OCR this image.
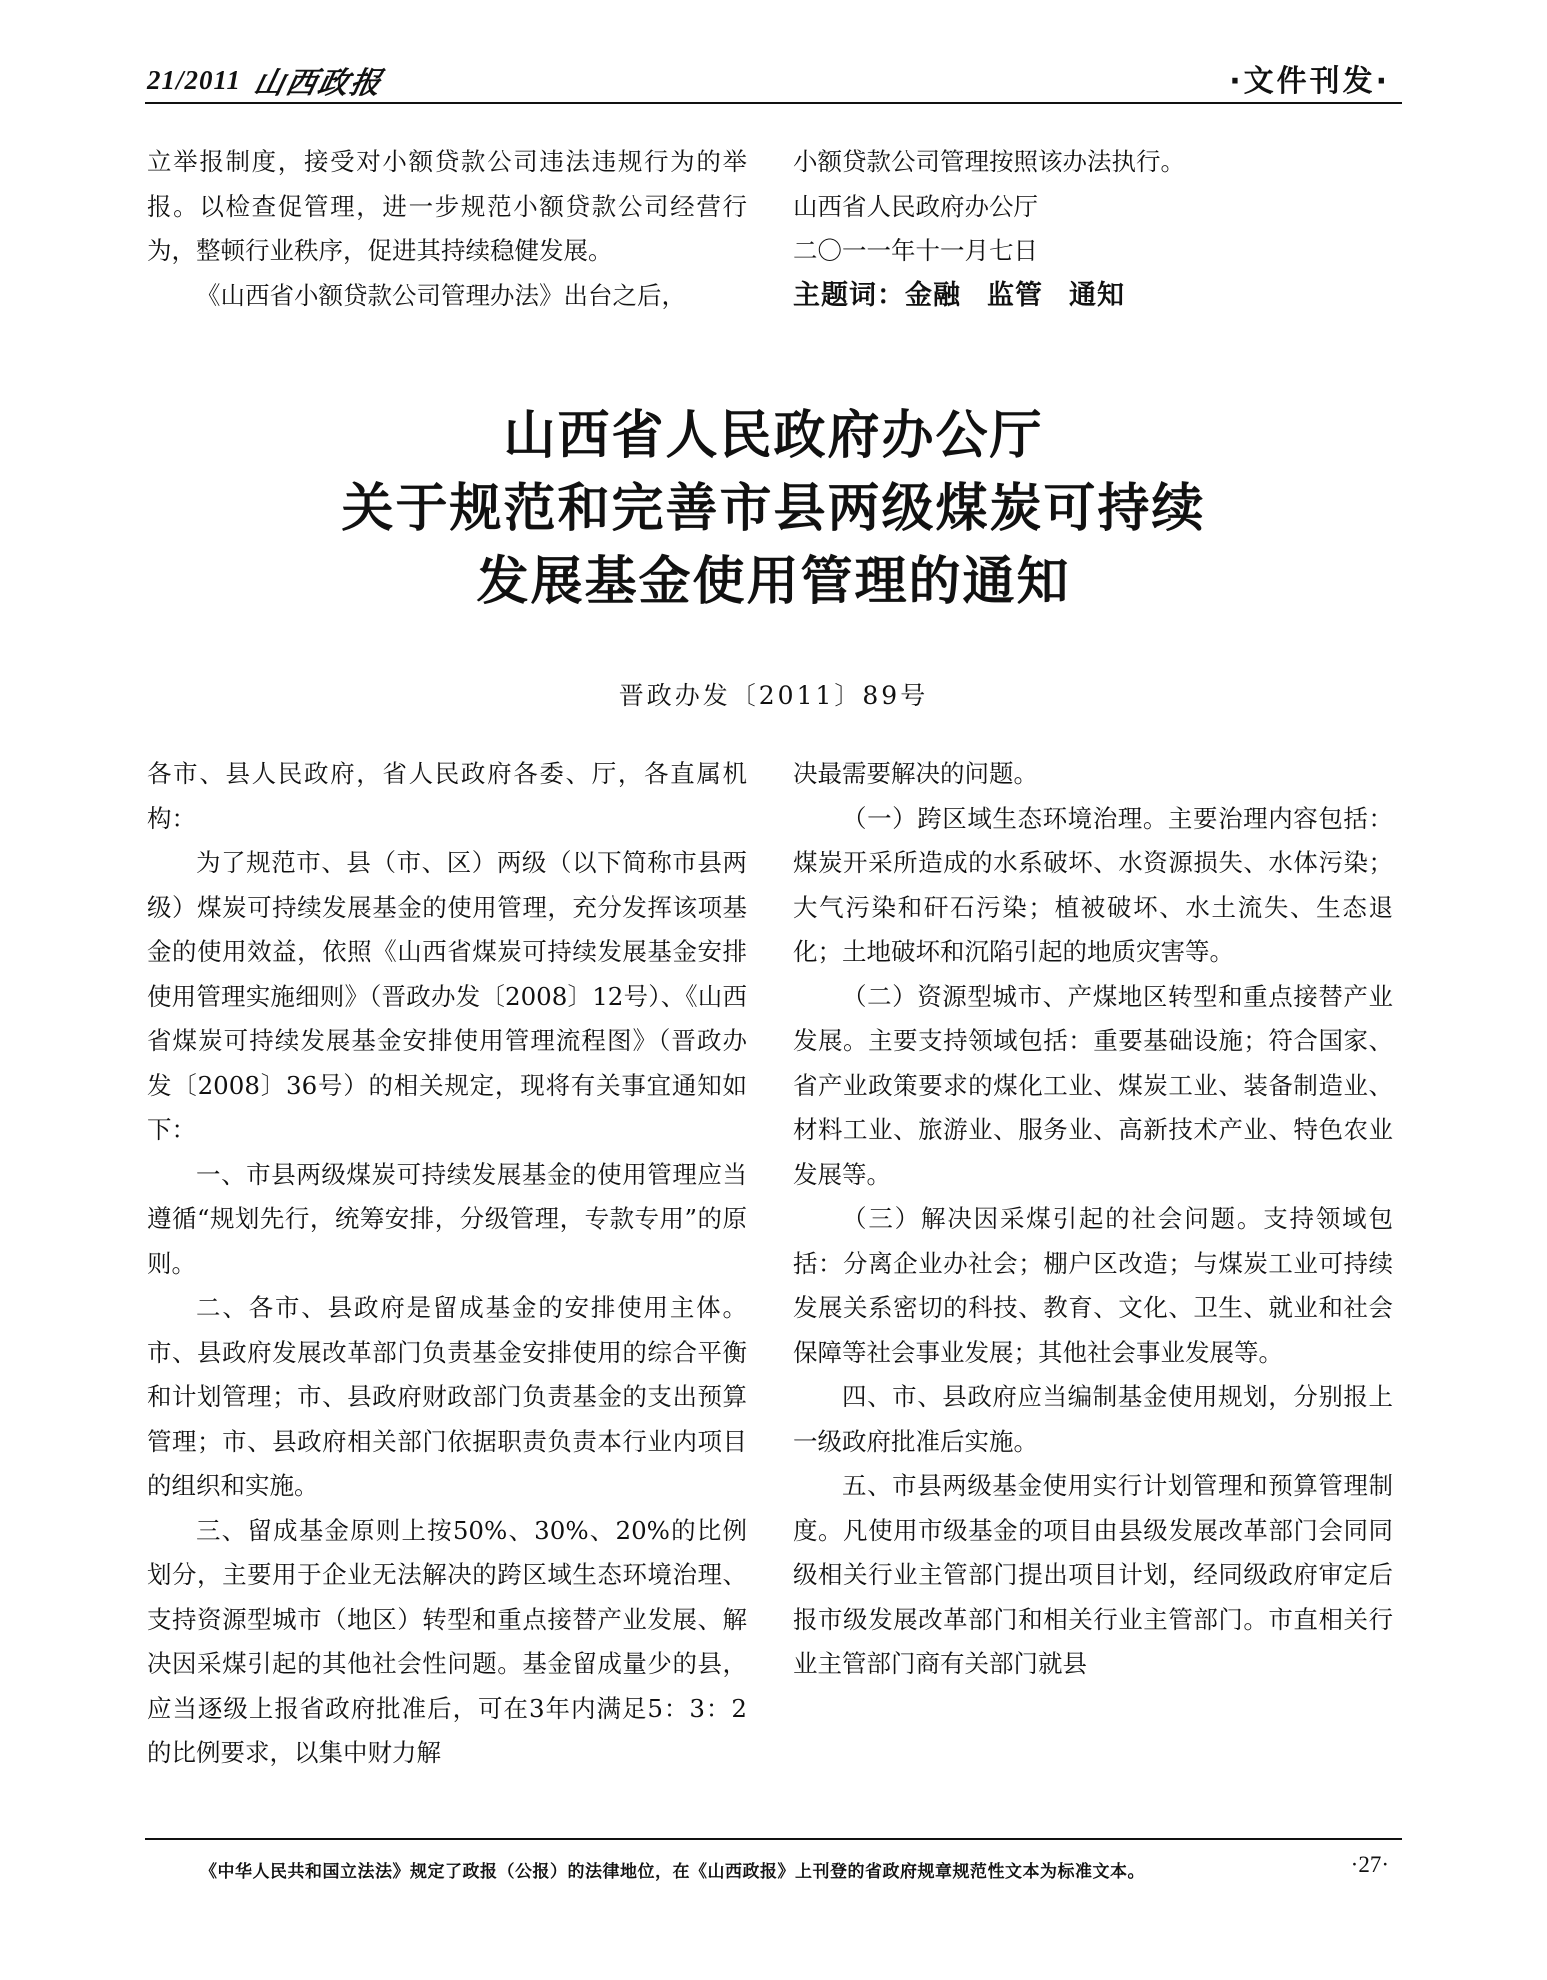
21/2011 山西政报	·文件刊发·

立举报制度，接受对小额贷款公司违法违规行为的举报。以检查促管理，进一步规范小额贷款公司经营行为，整顿行业秩序，促进其持续稳健发展。

《山西省小额贷款公司管理办法》出台之后，

小额贷款公司管理按照该办法执行。

山西省人民政府办公厅

二〇一一年十一月七日

主题词：金融 监管 通知

山西省人民政府办公厅
关于规范和完善市县两级煤炭可持续
发展基金使用管理的通知
晋政办发〔2011〕89号

各市、县人民政府，省人民政府各委、厅，各直属机构：

为了规范市、县（市、区）两级（以下简称市县两级）煤炭可持续发展基金的使用管理，充分发挥该项基金的使用效益，依照《山西省煤炭可持续发展基金安排使用管理实施细则》（晋政办发〔2008〕12号）、《山西省煤炭可持续发展基金安排使用管理流程图》（晋政办发〔2008〕36号）的相关规定，现将有关事宜通知如下：

一、市县两级煤炭可持续发展基金的使用管理应当遵循“规划先行，统筹安排，分级管理，专款专用”的原则。

二、各市、县政府是留成基金的安排使用主体。市、县政府发展改革部门负责基金安排使用的综合平衡和计划管理；市、县政府财政部门负责基金的支出预算管理；市、县政府相关部门依据职责负责本行业内项目的组织和实施。

三、留成基金原则上按50%、30%、20%的比例划分，主要用于企业无法解决的跨区域生态环境治理、支持资源型城市（地区）转型和重点接替产业发展、解决因采煤引起的其他社会性问题。基金留成量少的县，应当逐级上报省政府批准后，可在3年内满足5：3：2的比例要求，以集中财力解

决最需要解决的问题。

（一）跨区域生态环境治理。主要治理内容包括：煤炭开采所造成的水系破坏、水资源损失、水体污染；大气污染和矸石污染；植被破坏、水土流失、生态退化；土地破坏和沉陷引起的地质灾害等。

（二）资源型城市、产煤地区转型和重点接替产业发展。主要支持领域包括：重要基础设施；符合国家、省产业政策要求的煤化工业、煤炭工业、装备制造业、材料工业、旅游业、服务业、高新技术产业、特色农业发展等。

（三）解决因采煤引起的社会问题。支持领域包括：分离企业办社会；棚户区改造；与煤炭工业可持续发展关系密切的科技、教育、文化、卫生、就业和社会保障等社会事业发展；其他社会事业发展等。

四、市、县政府应当编制基金使用规划，分别报上一级政府批准后实施。

五、市县两级基金使用实行计划管理和预算管理制度。凡使用市级基金的项目由县级发展改革部门会同同级相关行业主管部门提出项目计划，经同级政府审定后报市级发展改革部门和相关行业主管部门。市直相关行业主管部门商有关部门就县

《中华人民共和国立法法》规定了政报（公报）的法律地位，在《山西政报》上刊登的省政府规章规范性文本为标准文本。	·27·
